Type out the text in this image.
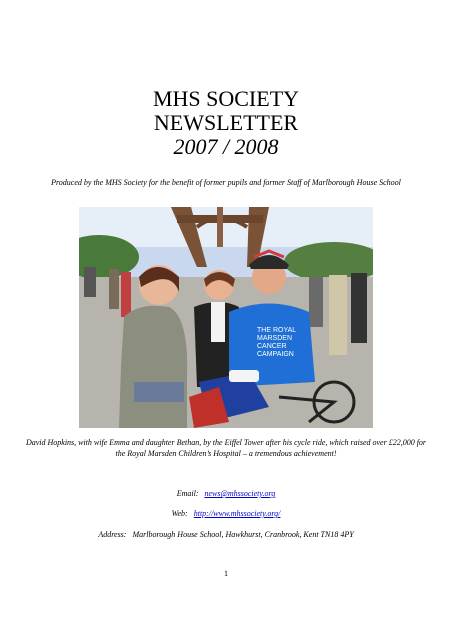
MHS SOCIETY
NEWSLETTER
2007 / 2008
Produced by the MHS Society for the benefit of former pupils and former Staff of Marlborough House School
THE ROYAL
MARSDEN
CANCER
CAMPAIGN
David Hopkins, with wife Emma and daughter Bethan, by the Eiffel Tower after his cycle ride, which raised over £22,000 for the Royal Marsden Children’s Hospital – a tremendous achievement!
Email: news@mhssociety.org
Web: http://www.mhssociety.org/
Address: Marlborough House School, Hawkhurst, Cranbrook, Kent TN18 4PY
1
